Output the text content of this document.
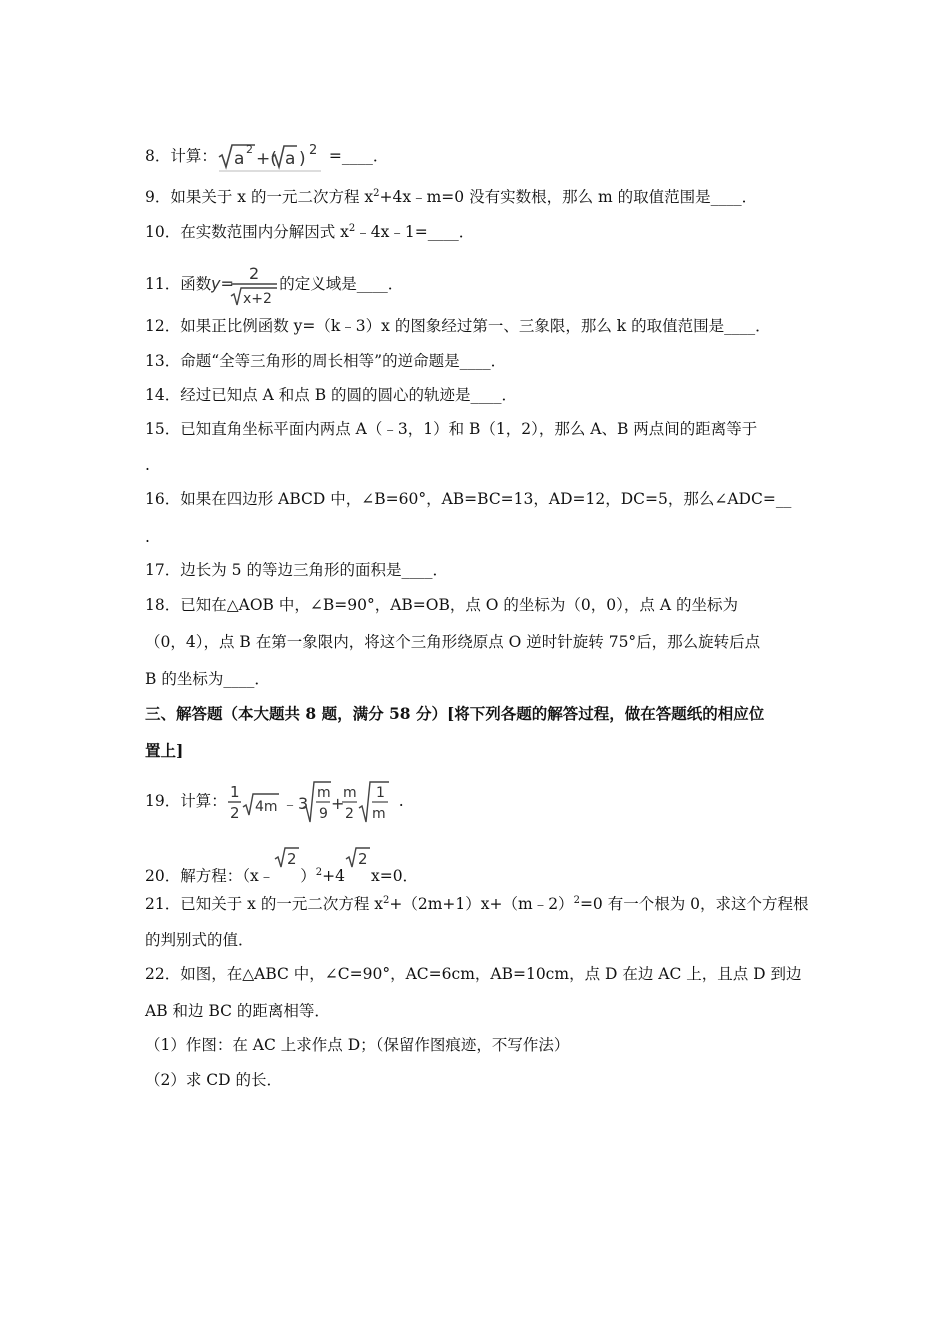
8．计算： a 2 +( a ) 2 =____．
9．如果关于 x 的一元二次方程 $x^2+4x﹣m=0$ 没有实数根，那么 m 的取值范围是____．
10．在实数范围内分解因式 $x^2﹣4x﹣1=\_\_\_\_$．
11．函数 y=
2
x+2
的定义域是____．
12．如果正比例函数 y=（k﹣3）x 的图象经过第一、三象限，那么 k 的取值范围是____．
13．命题“全等三角形的周长相等”的逆命题是____．
14．经过已知点 A 和点 B 的圆的圆心的轨迹是____．
15．已知直角坐标平面内两点 A（﹣3，1）和 B（1，2），那么 A、B 两点间的距离等于
.
16．如果在四边形 ABCD 中，∠B=60°，AB=BC=13，AD=12，DC=5，那么∠ADC=__
.
17．边长为 5 的等边三角形的面积是____．
18．已知在△AOB 中，∠B=90°，AB=OB，点 O 的坐标为（0，0），点 A 的坐标为
（0，4），点 B 在第一象限内，将这个三角形绕原点 O 逆时针旋转 75°后，那么旋转后点
B 的坐标为____．
三、解答题（本大题共 8 题，满分 58 分）[将下列各题的解答过程，做在答题纸的相应位
置上]
19．计算： 1
2 4m ﹣3
m
9
+
m
2
1
m
.
20．解方程：（x﹣
2
）$^2$+4
2
x=0．
21．已知关于 x 的一元二次方程 $x^2+(2m+1)x+(m﹣2)^2=0$ 有一个根为 0，求这个方程根
的判别式的值．
22．如图，在△ABC 中，∠C=90°，AC=6cm，AB=10cm，点 D 在边 AC 上，且点 D 到边
AB 和边 BC 的距离相等．
（1）作图：在 AC 上求作点 D；（保留作图痕迹，不写作法）
（2）求 CD 的长．
